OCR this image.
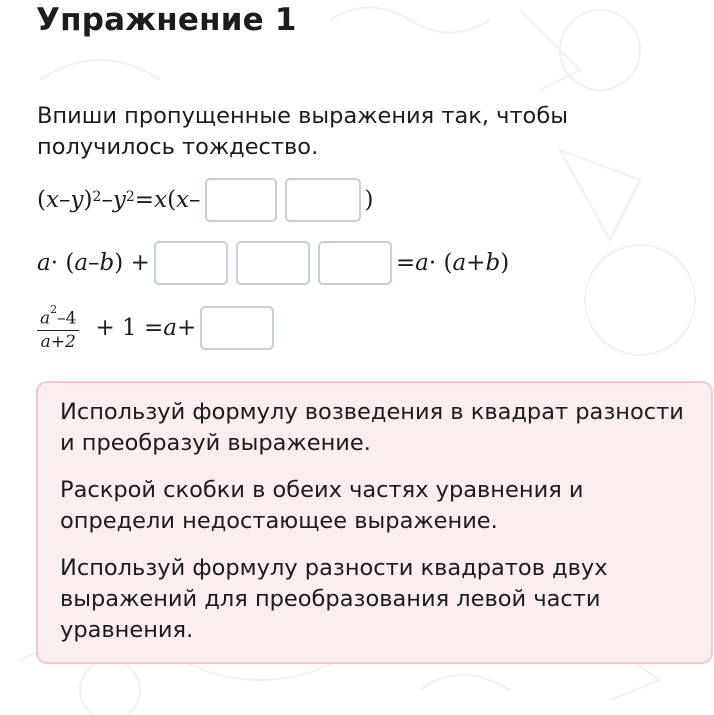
Упражнение 1
Впиши пропущенные выражения так, чтобы получилось тождество.
( x – y )$^2 - y^2 = x$ ( x –	)
a · ( a – b ) +	= a · ( a + b )
$\frac{a^2-4}{a+2} + 1 = a$ +

Используй формулу возведения в квадрат разности и преобразуй выражение.

Раскрой скобки в обеих частях уравнения и определи недостающее выражение.

Используй формулу разности квадратов двух выражений для преобразования левой части уравнения.
